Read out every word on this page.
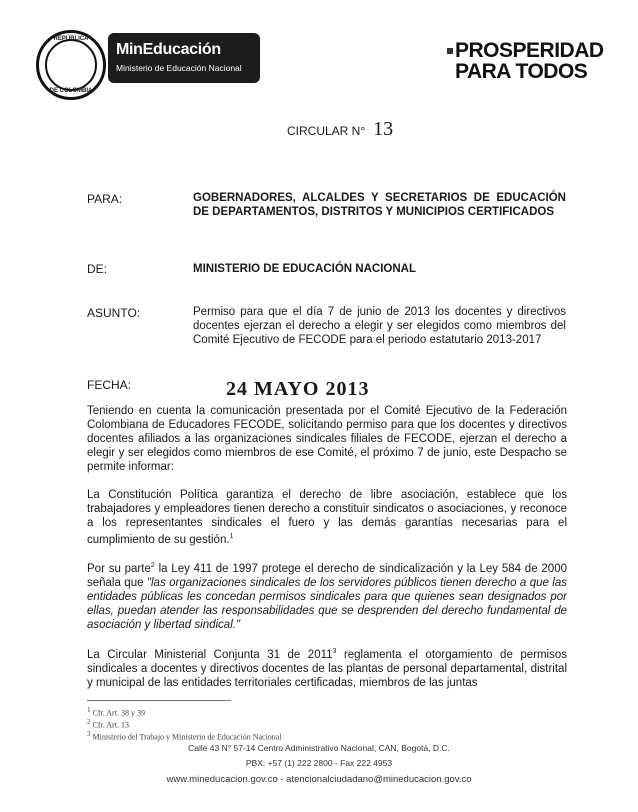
REPÚBLICA
DE COLOMBIA
MinEducación
Ministerio de Educación Nacional
PROSPERIDAD
PARA TODOS
CIRCULAR N° 13
PARA:	GOBERNADORES, ALCALDES Y SECRETARIOS DE EDUCACIÓN DE DEPARTAMENTOS, DISTRITOS Y MUNICIPIOS CERTIFICADOS
DE:	MINISTERIO DE EDUCACIÓN NACIONAL
ASUNTO:	Permiso para que el día 7 de junio de 2013 los docentes y directivos docentes ejerzan el derecho a elegir y ser elegidos como miembros del Comité Ejecutivo de FECODE para el periodo estatutario 2013-2017
FECHA:	24 MAYO 2013
Teniendo en cuenta la comunicación presentada por el Comité Ejecutivo de la Federación Colombiana de Educadores FECODE, solicitando permiso para que los docentes y directivos docentes afiliados a las organizaciones sindicales filiales de FECODE, ejerzan el derecho a elegir y ser elegidos como miembros de ese Comité, el próximo 7 de junio, este Despacho se permite informar:
La Constitución Política garantiza el derecho de libre asociación, establece que los trabajadores y empleadores tienen derecho a constituir sindicatos o asociaciones, y reconoce a los representantes sindicales el fuero y las demás garantías necesarias para el cumplimiento de su gestión.$^1$
Por su parte$^2$ la Ley 411 de 1997 protege el derecho de sindicalización y la Ley 584 de 2000 señala que "las organizaciones sindicales de los servidores públicos tienen derecho a que las entidades públicas les concedan permisos sindicales para que quienes sean designados por ellas, puedan atender las responsabilidades que se desprenden del derecho fundamental de asociación y libertad sindical."
La Circular Ministerial Conjunta 31 de 2011$^3$ reglamenta el otorgamiento de permisos sindicales a docentes y directivos docentes de las plantas de personal departamental, distrital y municipal de las entidades territoriales certificadas, miembros de las juntas
$^1$ Cfr. Art. 38 y 39
$^2$ Cfr. Art. 13
$^3$ Ministerio del Trabajo y Ministerio de Educación Nacional
Calle 43 N° 57-14 Centro Administrativo Nacional, CAN, Bogotá, D.C.
PBX: +57 (1) 222 2800 - Fax 222 4953
www.mineducacion.gov.co - atencionalciudadano@mineducacion.gov.co
